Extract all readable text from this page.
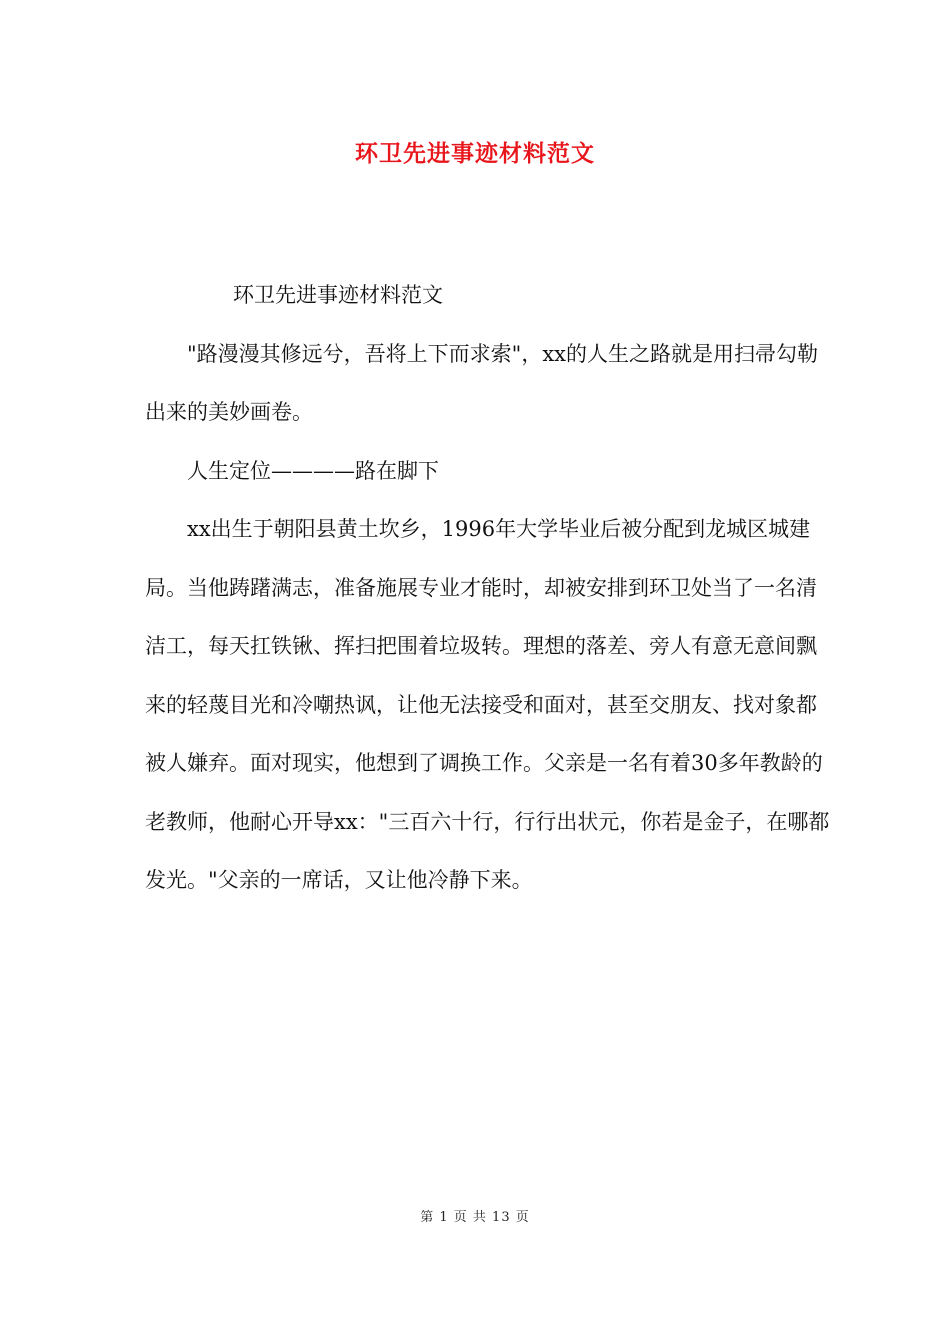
环卫先进事迹材料范文

环卫先进事迹材料范文

"路漫漫其修远兮，吾将上下而求索"，xx的人生之路就是用扫帚勾勒出来的美妙画卷。

人生定位————路在脚下

xx出生于朝阳县黄土坎乡，1996年大学毕业后被分配到龙城区城建局。当他踌躇满志，准备施展专业才能时，却被安排到环卫处当了一名清洁工，每天扛铁锹、挥扫把围着垃圾转。理想的落差、旁人有意无意间飘来的轻蔑目光和冷嘲热讽，让他无法接受和面对，甚至交朋友、找对象都被人嫌弃。面对现实，他想到了调换工作。父亲是一名有着30多年教龄的老教师，他耐心开导xx："三百六十行，行行出状元，你若是金子，在哪都发光。"父亲的一席话，又让他冷静下来。

第 1 页 共 13 页
